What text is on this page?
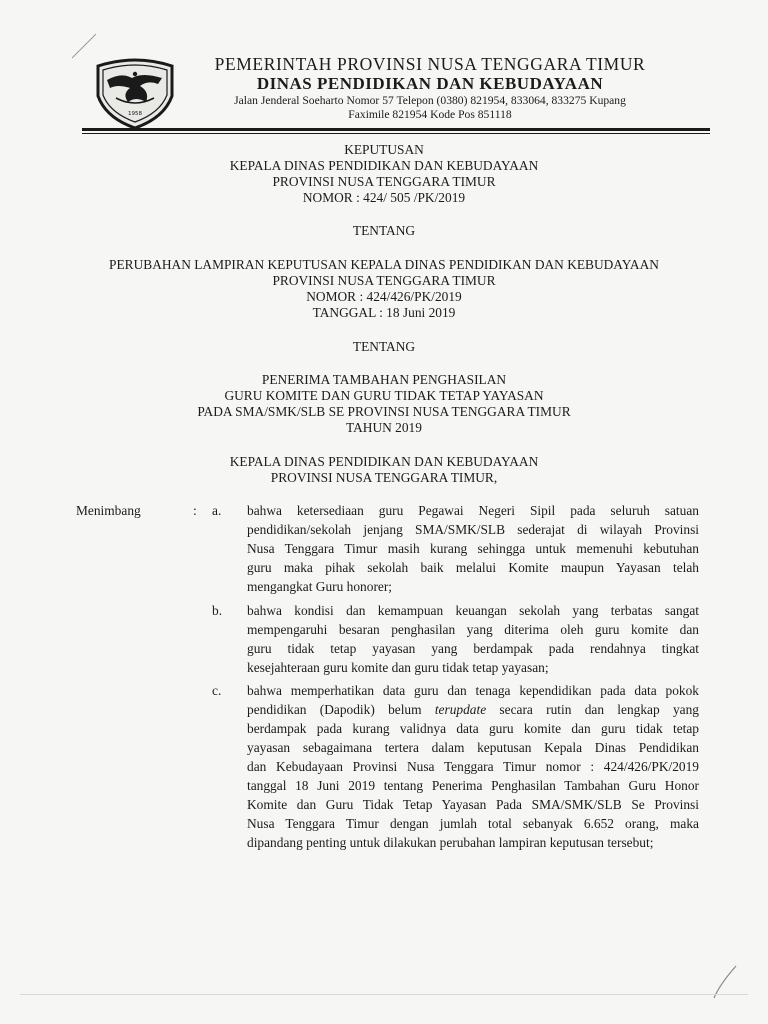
1958
PEMERINTAH PROVINSI NUSA TENGGARA TIMUR
DINAS PENDIDIKAN DAN KEBUDAYAAN
Jalan Jenderal Soeharto Nomor 57 Telepon (0380) 821954, 833064, 833275 Kupang
Faximile 821954 Kode Pos 851118
KEPUTUSAN
KEPALA DINAS PENDIDIKAN DAN KEBUDAYAAN
PROVINSI NUSA TENGGARA TIMUR
NOMOR : 424/ 505 /PK/2019
TENTANG
PERUBAHAN LAMPIRAN KEPUTUSAN KEPALA DINAS PENDIDIKAN DAN KEBUDAYAAN
PROVINSI NUSA TENGGARA TIMUR
NOMOR : 424/426/PK/2019
TANGGAL : 18 Juni 2019
TENTANG
PENERIMA TAMBAHAN PENGHASILAN
GURU KOMITE DAN GURU TIDAK TETAP YAYASAN
PADA SMA/SMK/SLB SE PROVINSI NUSA TENGGARA TIMUR
TAHUN 2019
KEPALA DINAS PENDIDIKAN DAN KEBUDAYAAN
PROVINSI NUSA TENGGARA TIMUR,
Menimbang	: a. bahwa ketersediaan guru Pegawai Negeri Sipil pada seluruh satuan
pendidikan/sekolah jenjang SMA/SMK/SLB sederajat di wilayah Provinsi
Nusa Tenggara Timur masih kurang sehingga untuk memenuhi kebutuhan
guru maka pihak sekolah baik melalui Komite maupun Yayasan telah
mengangkat Guru honorer;
b. bahwa kondisi dan kemampuan keuangan sekolah yang terbatas sangat
mempengaruhi besaran penghasilan yang diterima oleh guru komite dan
guru tidak tetap yayasan yang berdampak pada rendahnya tingkat
kesejahteraan guru komite dan guru tidak tetap yayasan;
c. bahwa memperhatikan data guru dan tenaga kependidikan pada data pokok
pendidikan (Dapodik) belum terupdate secara rutin dan lengkap yang
berdampak pada kurang validnya data guru komite dan guru tidak tetap
yayasan sebagaimana tertera dalam keputusan Kepala Dinas Pendidikan
dan Kebudayaan Provinsi Nusa Tenggara Timur nomor : 424/426/PK/2019
tanggal 18 Juni 2019 tentang Penerima Penghasilan Tambahan Guru Honor
Komite dan Guru Tidak Tetap Yayasan Pada SMA/SMK/SLB Se Provinsi
Nusa Tenggara Timur dengan jumlah total sebanyak 6.652 orang, maka
dipandang penting untuk dilakukan perubahan lampiran keputusan tersebut;
